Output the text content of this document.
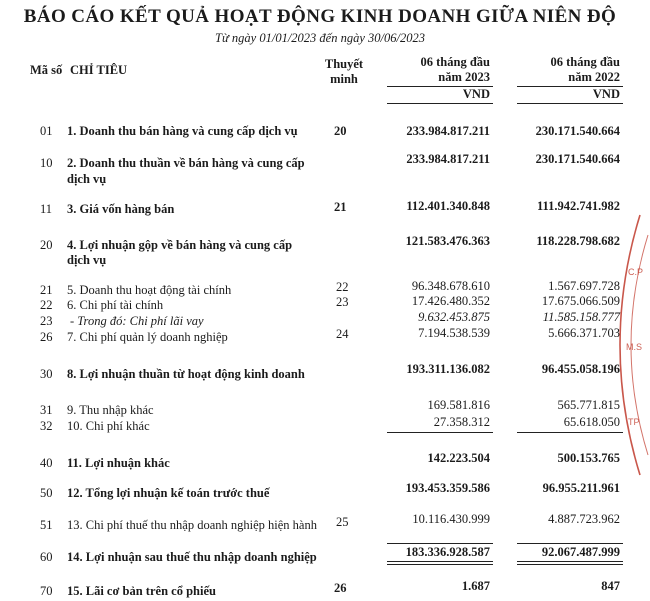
BÁO CÁO KẾT QUẢ HOẠT ĐỘNG KINH DOANH GIỮA NIÊN ĐỘ
Từ ngày 01/01/2023 đến ngày 30/06/2023
Mã số CHỈ TIÊU	Thuyết
minh
06 tháng đầu
năm 2023
VND
06 tháng đầu
năm 2022
VND
01 1. Doanh thu bán hàng và cung cấp dịch vụ	20	233.984.817.211	230.171.540.664
10 2. Doanh thu thuần về bán hàng và cung cấp
dịch vụ
233.984.817.211	230.171.540.664
11 3. Giá vốn hàng bán	21	112.401.340.848	111.942.741.982
20 4. Lợi nhuận gộp về bán hàng và cung cấp
dịch vụ
121.583.476.363	118.228.798.682
21 5. Doanh thu hoạt động tài chính	22	96.348.678.610	1.567.697.728
22 6. Chi phí tài chính	23	17.426.480.352	17.675.066.509
23 - Trong đó: Chi phí lãi vay	9.632.453.875	11.585.158.777
26 7. Chi phí quản lý doanh nghiệp	24	7.194.538.539	5.666.371.703
30 8. Lợi nhuận thuần từ hoạt động kinh doanh	193.311.136.082	96.455.058.196
31 9. Thu nhập khác	169.581.816	565.771.815
32 10. Chi phí khác	27.358.312	65.618.050
40 11. Lợi nhuận khác	142.223.504	500.153.765
50 12. Tổng lợi nhuận kế toán trước thuế	193.453.359.586	96.955.211.961
51 13. Chi phí thuế thu nhập doanh nghiệp hiện hành 25	10.116.430.999	4.887.723.962
60 14. Lợi nhuận sau thuế thu nhập doanh nghiệp	183.336.928.587	92.067.487.999
70 15. Lãi cơ bản trên cổ phiếu	26	1.687	847
C.P
M.S
TP
